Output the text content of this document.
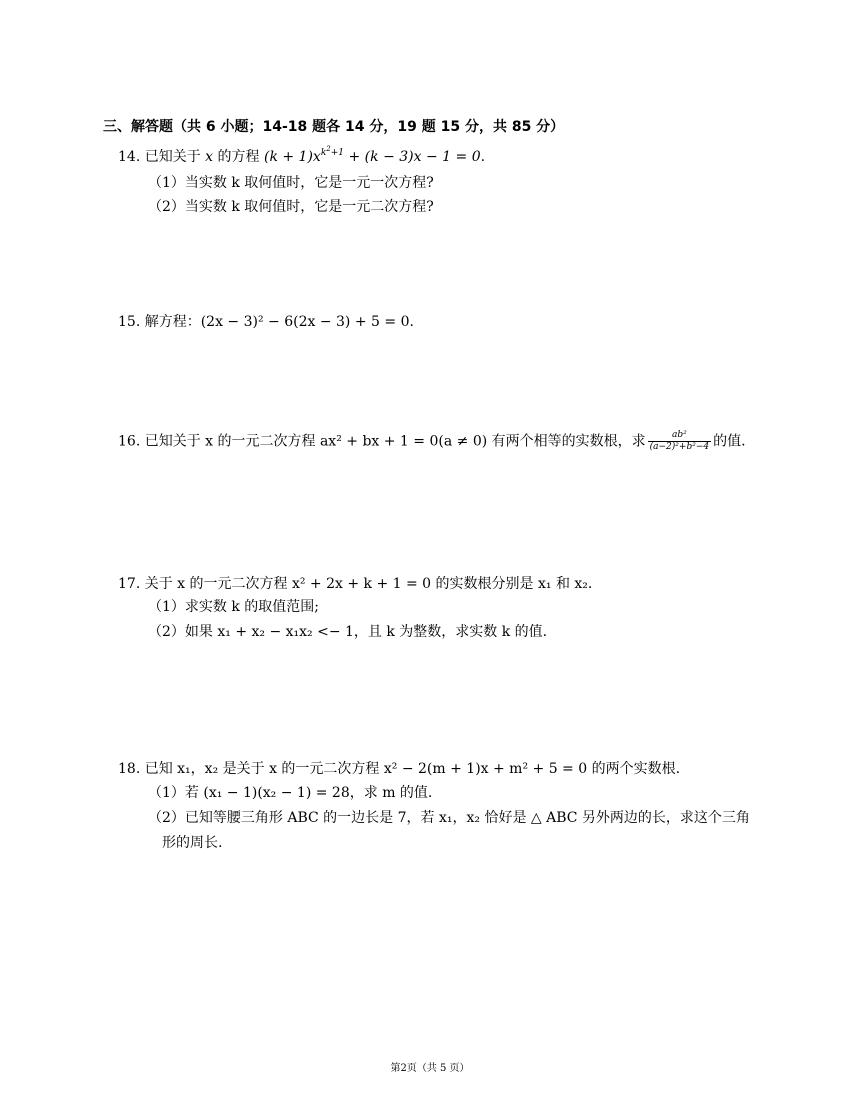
三、解答题（共 6 小题；14-18 题各 14 分，19 题 15 分，共 85 分）
14. 已知关于 x 的方程 $(k + 1)x^{k^2+1} + (k - 3)x - 1 = 0$.
（1）当实数 k 取何值时，它是一元一次方程?
（2）当实数 k 取何值时，它是一元二次方程?
15. 解方程：(2x − 3)² − 6(2x − 3) + 5 = 0.
16. 已知关于 x 的一元二次方程 ax² + bx + 1 = 0(a ≠ 0) 有两个相等的实数根，求 $\frac{\text{ab²}}{\text{(a−2)²+b²−4}}$ 的值.
17. 关于 x 的一元二次方程 x² + 2x + k + 1 = 0 的实数根分别是 x₁ 和 x₂.
（1）求实数 k 的取值范围;
（2）如果 x₁ + x₂ − x₁x₂ <− 1，且 k 为整数，求实数 k 的值.
18. 已知 x₁，x₂ 是关于 x 的一元二次方程 x² − 2(m + 1)x + m² + 5 = 0 的两个实数根.
（1）若 (x₁ − 1)(x₂ − 1) = 28，求 m 的值.
（2）已知等腰三角形 ABC 的一边长是 7，若 x₁，x₂ 恰好是 △ ABC 另外两边的长，求这个三角
形的周长.
第2页（共 5 页）
